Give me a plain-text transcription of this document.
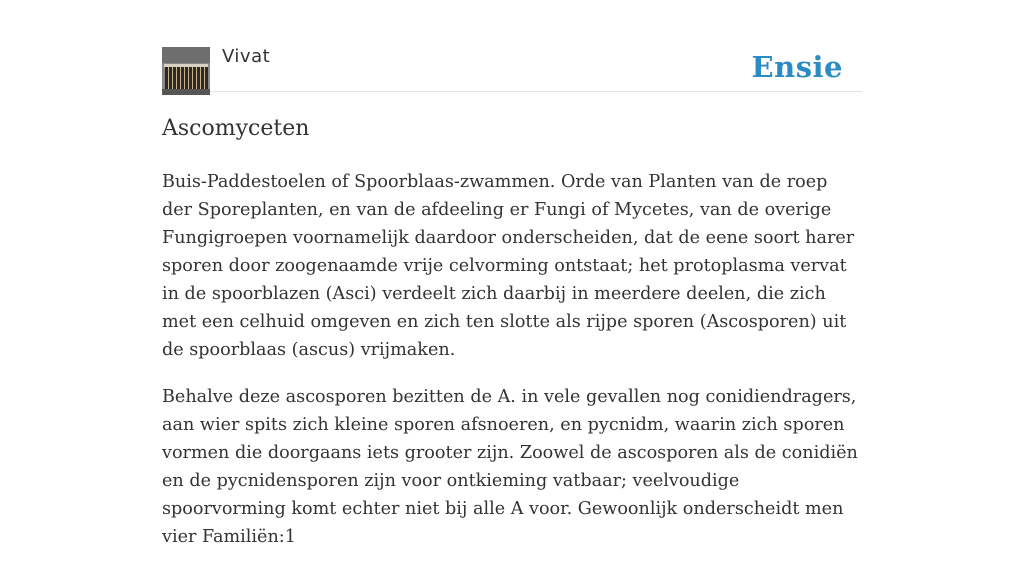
Vivat	Ensie
Ascomyceten

Buis-Paddestoelen of Spoorblaas-zwammen. Orde van Planten van de roep der Sporeplanten, en van de afdeeling er Fungi of Mycetes, van de overige Fungigroepen voornamelijk daardoor onderscheiden, dat de eene soort harer sporen door zoogenaamde vrije celvorming ontstaat; het protoplasma vervat in de spoorblazen (Asci) verdeelt zich daarbij in meerdere deelen, die zich met een celhuid omgeven en zich ten slotte als rijpe sporen (Ascosporen) uit de spoorblaas (ascus) vrijmaken.

Behalve deze ascosporen bezitten de A. in vele gevallen nog conidiendragers, aan wier spits zich kleine sporen afsnoeren, en pycnidm, waarin zich sporen vormen die doorgaans iets grooter zijn. Zoowel de ascosporen als de conidiën en de pycnidensporen zijn voor ontkieming vatbaar; veelvoudige spoorvorming komt echter niet bij alle A voor. Gewoonlijk onderscheidt men vier Familiën:1
